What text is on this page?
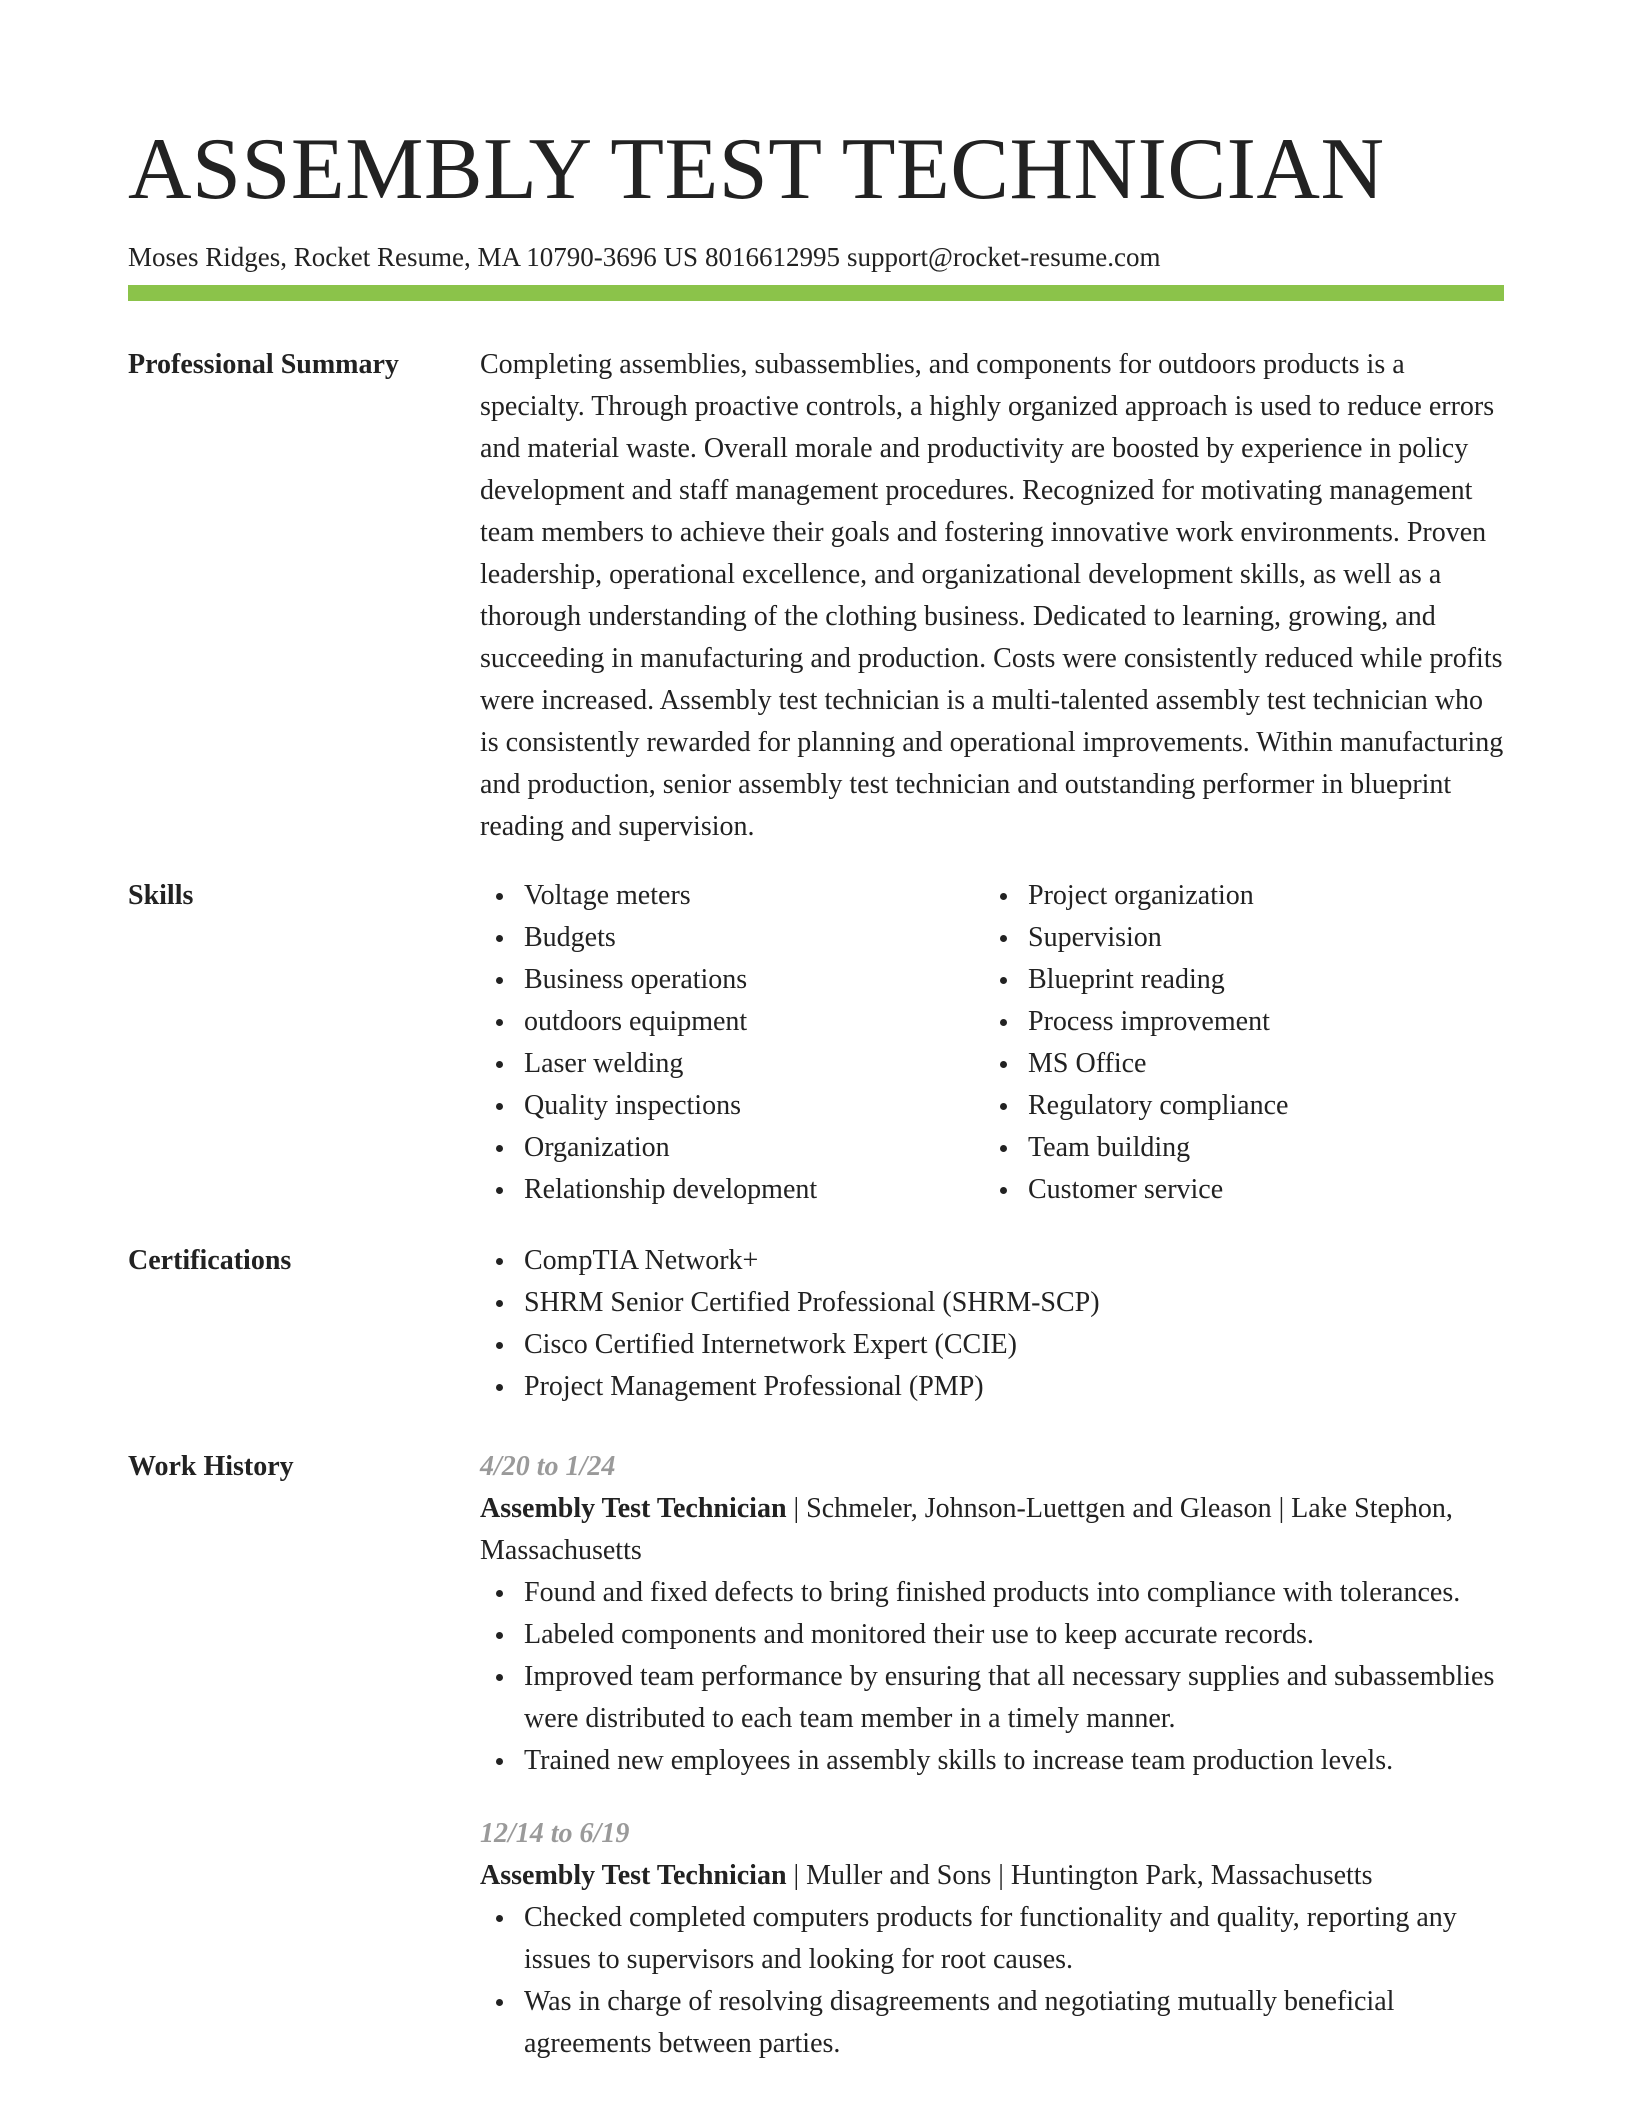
ASSEMBLY TEST TECHNICIAN
Moses Ridges, Rocket Resume, MA 10790-3696 US 8016612995 support@rocket-resume.com
Professional Summary	Completing assemblies, subassemblies, and components for outdoors products is a specialty. Through proactive controls, a highly organized approach is used to reduce errors and material waste. Overall morale and productivity are boosted by experience in policy development and staff management procedures. Recognized for motivating management team members to achieve their goals and fostering innovative work environments. Proven leadership, operational excellence, and organizational development skills, as well as a thorough understanding of the clothing business. Dedicated to learning, growing, and succeeding in manufacturing and production. Costs were consistently reduced while profits were increased. Assembly test technician is a multi-talented assembly test technician who is consistently rewarded for planning and operational improvements. Within manufacturing and production, senior assembly test technician and outstanding performer in blueprint reading and supervision.

Skills	Voltage meters
Budgets
Business operations
outdoors equipment
Laser welding
Quality inspections
Organization
Relationship development
Project organization
Supervision
Blueprint reading
Process improvement
MS Office
Regulatory compliance
Team building
Customer service
Certifications	CompTIA Network+
SHRM Senior Certified Professional (SHRM-SCP)
Cisco Certified Internetwork Expert (CCIE)
Project Management Professional (PMP)
Work History	4/20 to 1/24
Assembly Test Technician | Schmeler, Johnson-Luettgen and Gleason | Lake Stephon, Massachusetts
Found and fixed defects to bring finished products into compliance with tolerances.
Labeled components and monitored their use to keep accurate records.
Improved team performance by ensuring that all necessary supplies and subassemblies were distributed to each team member in a timely manner.
Trained new employees in assembly skills to increase team production levels.
12/14 to 6/19
Assembly Test Technician | Muller and Sons | Huntington Park, Massachusetts
Checked completed computers products for functionality and quality, reporting any issues to supervisors and looking for root causes.
Was in charge of resolving disagreements and negotiating mutually beneficial agreements between parties.
